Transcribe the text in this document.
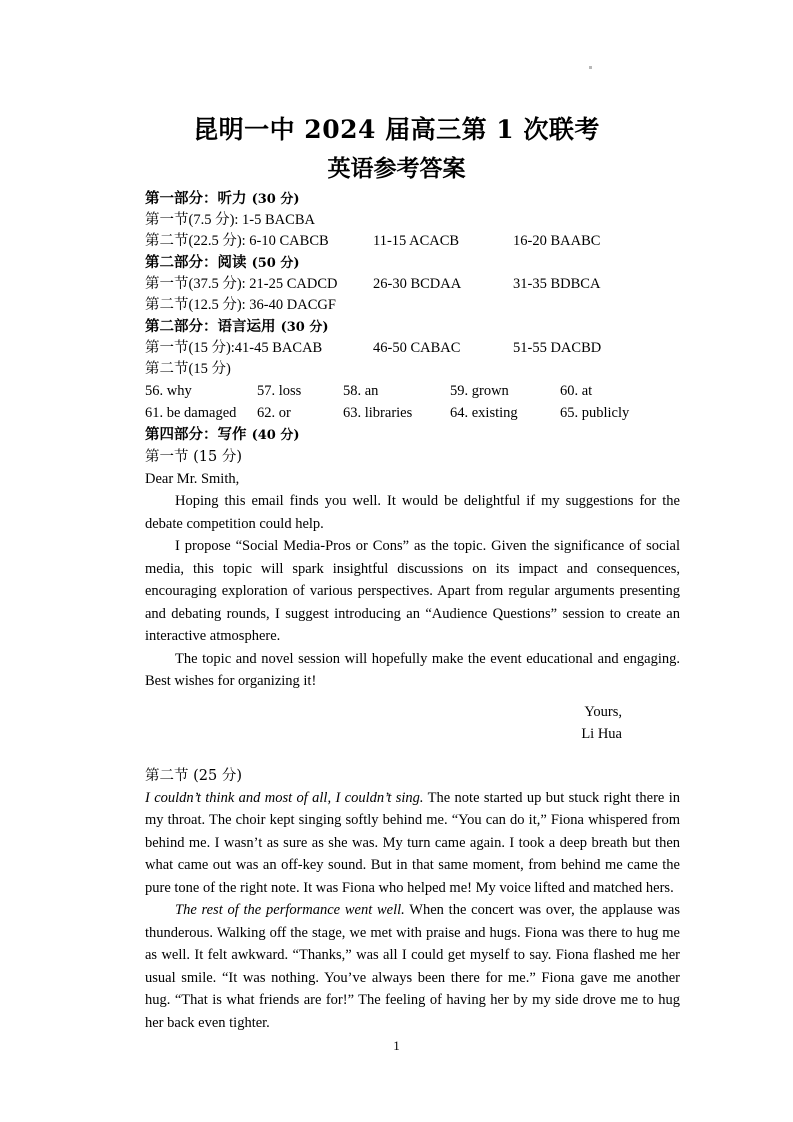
昆明一中 2024 届高三第 1 次联考
英语参考答案
第一部分：听力 (30 分)
第一节(7.5 分): 1-5 BACBA
第二节(22.5 分): 6-10 CABCB	11-15 ACACB	16-20 BAABC
第二部分：阅读 (50 分)
第一节(37.5 分): 21-25 CADCD 26-30 BCDAA	31-35 BDBCA
第二节(12.5 分): 36-40 DACGF
第二部分：语言运用 (30 分)
第一节(15 分):41-45 BACAB	46-50 CABAC	51-55 DACBD
第二节(15 分)
56. why	57. loss	58. an	59. grown	60. at
61. be damaged 62. or	63. libraries	64. existing	65. publicly
第四部分：写作 (40 分)
第一节 (15 分)
Dear Mr. Smith,

Hoping this email finds you well. It would be delightful if my suggestions for the debate competition could help.

I propose “Social Media-Pros or Cons” as the topic. Given the significance of social media, this topic will spark insightful discussions on its impact and consequences, encouraging exploration of various perspectives. Apart from regular arguments presenting and debating rounds, I suggest introducing an “Audience Questions” session to create an interactive atmosphere.

The topic and novel session will hopefully make the event educational and engaging. Best wishes for organizing it!

Yours,
Li Hua
第二节 (25 分)

I couldn’t think and most of all, I couldn’t sing. The note started up but stuck right there in my throat. The choir kept singing softly behind me. “You can do it,” Fiona whispered from behind me. I wasn’t as sure as she was. My turn came again. I took a deep breath but then what came out was an off-key sound. But in that same moment, from behind me came the pure tone of the right note. It was Fiona who helped me! My voice lifted and matched hers.

The rest of the performance went well. When the concert was over, the applause was thunderous. Walking off the stage, we met with praise and hugs. Fiona was there to hug me as well. It felt awkward. “Thanks,” was all I could get myself to say. Fiona flashed me her usual smile. “It was nothing. You’ve always been there for me.” Fiona gave me another hug. “That is what friends are for!” The feeling of having her by my side drove me to hug her back even tighter.

1
